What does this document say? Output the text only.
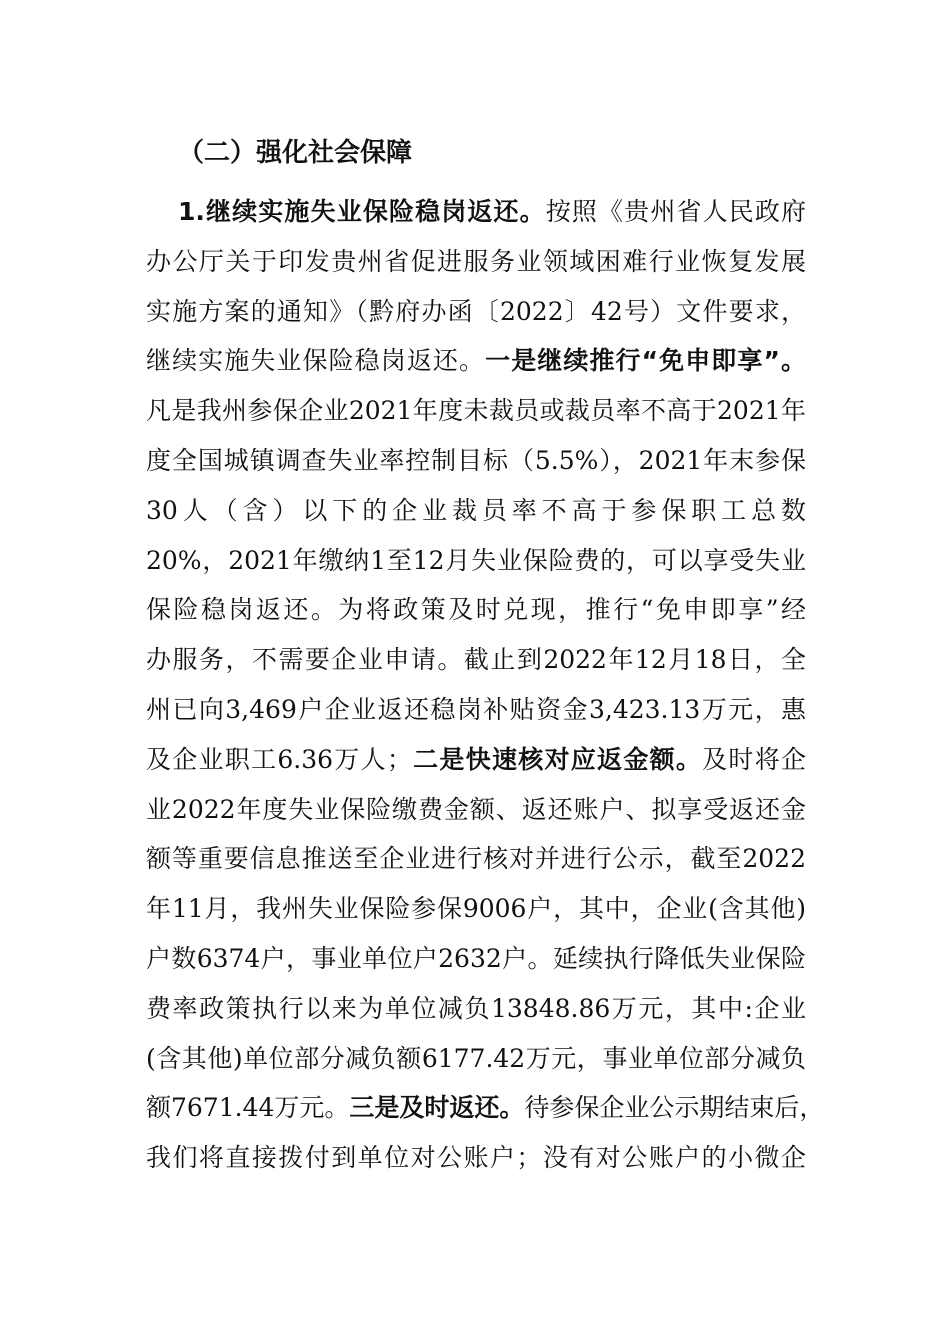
（二）强化社会保障
1.继续实施失业保险稳岗返还。按照《贵州省人民政府
办公厅关于印发贵州省促进服务业领域困难行业恢复发展
实施方案的通知》（黔府办函〔2022〕42号）文件要求，
继续实施失业保险稳岗返还。一是继续推行“免申即享”。
凡是我州参保企业2021年度未裁员或裁员率不高于2021年
度全国城镇调查失业率控制目标（5.5%），2021年末参保
30人（含）以下的企业裁员率不高于参保职工总数
20%，2021年缴纳1至12月失业保险费的，可以享受失业
保险稳岗返还。为将政策及时兑现，推行“免申即享”经
办服务，不需要企业申请。截止到2022年12月18日，全
州已向3,469户企业返还稳岗补贴资金3,423.13万元，惠
及企业职工6.36万人；二是快速核对应返金额。及时将企
业2022年度失业保险缴费金额、返还账户、拟享受返还金
额等重要信息推送至企业进行核对并进行公示，截至2022
年11月，我州失业保险参保9006户，其中，企业(含其他)
户数6374户，事业单位户2632户。延续执行降低失业保险
费率政策执行以来为单位减负13848.86万元，其中:企业
(含其他)单位部分减负额6177.42万元，事业单位部分减负
额7671.44万元。三是及时返还。待参保企业公示期结束后，
我们将直接拨付到单位对公账户；没有对公账户的小微企
